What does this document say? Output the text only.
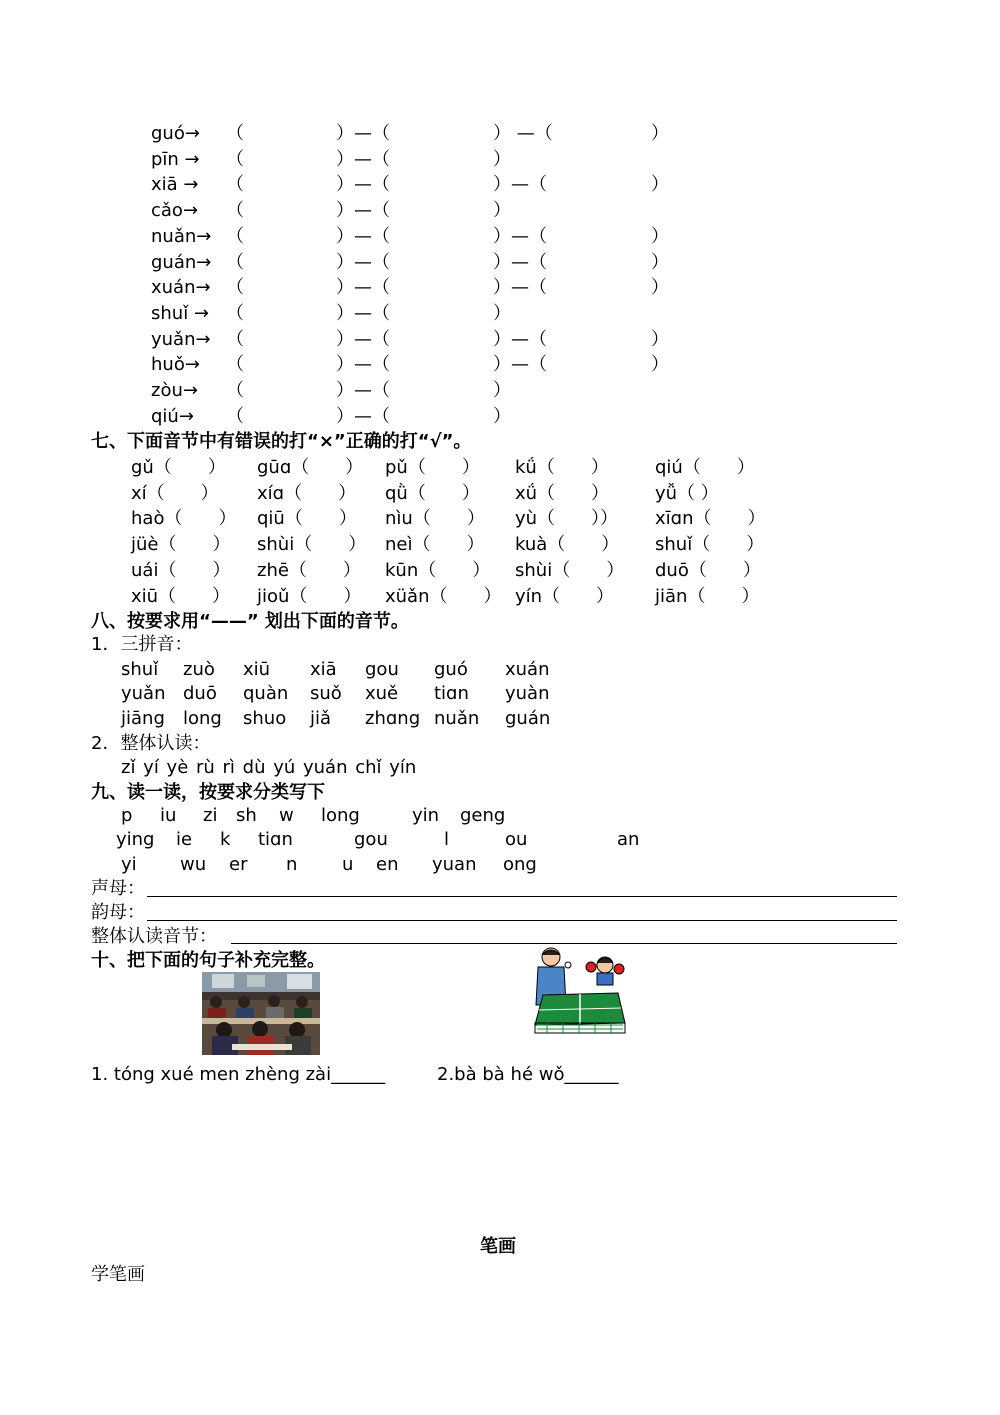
guó→ （	）—（	） —（	）
pīn → （	）—（	）
xiā → （	）—（	）—（	）
cǎo→ （	）—（	）
nuǎn→ （	）—（	）—（	）
guán→ （	）—（	）—（	）
xuán→ （	）—（	）—（	）
shuǐ → （	）—（	）
yuǎn→ （	）—（	）—（	）
huǒ→ （	）—（	）—（	）
zòu→ （	）—（	）
qiú→ （	）—（	）
七、下面音节中有错误的打“×”正确的打“√”。
gǔ（　　） gūɑ（　　） pǔ（　　） kǘ（　　）	qiú（　　）
xí（　　） xíɑ（　　） qǜ（　　） xǘ（　　）	yǚ（ ）
haò（　　） qiū（　　） nìu（　　） yù（　　）） xīɑn（　　）
jüè（　　） shùi（　　） neì（　　） kuà（　　） shuǐ（　　）
uái（　　） zhē（　　） kūn（　　） shùi（　　） duō（　　）
xiū（　　） jioǔ（　　） xüǎn（　　） yín（　　） jiān（　　）
八、按要求用“——” 划出下面的音节。
1．三拼音：
shuǐ zuò xiū xiā gou guó xuán
yuǎn duō quàn suǒ xuě tiɑn yuàn
jiāng long shuo jiǎ zhɑng nuǎn guán
2．整体认读：
zǐ yí yè rù rì dù yú yuán chǐ yín
九、读一读，按要求分类写下
p iu zi sh w long	yin geng
ying ie k tiɑn	gou	l	ou	an
yi wu er n u en yuan ong
声母：
韵母：
整体认读音节：
十、把下面的句子补充完整。
1. tóng xué men zhèng zài______	2.bà bà hé wǒ______
笔画
学笔画
